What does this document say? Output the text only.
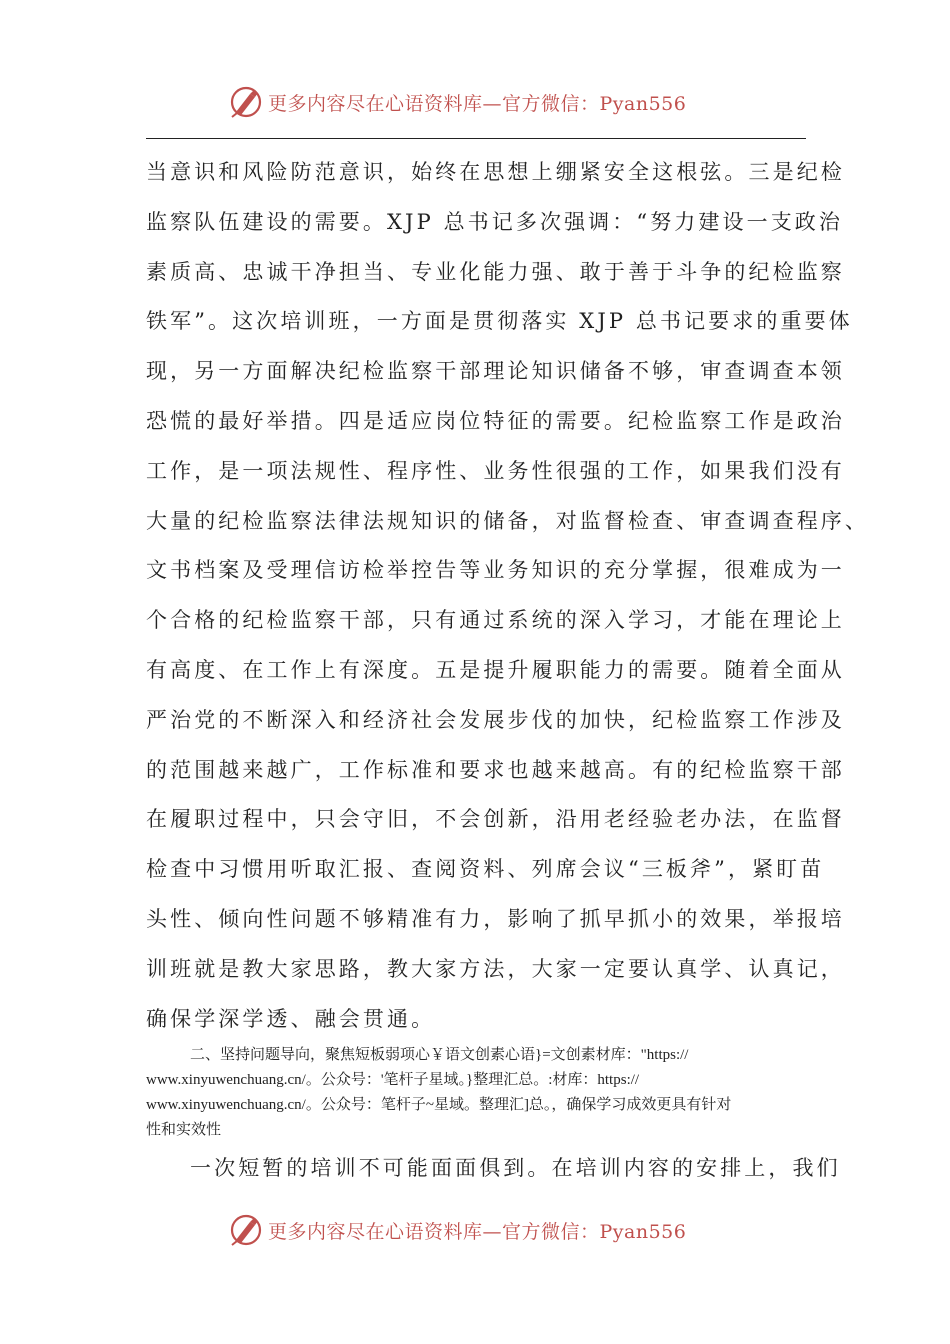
更多内容尽在心语资料库—官方微信：Pyan556
当意识和风险防范意识，始终在思想上绷紧安全这根弦。三是纪检
监察队伍建设的需要。XJP 总书记多次强调：“努力建设一支政治
素质高、忠诚干净担当、专业化能力强、敢于善于斗争的纪检监察
铁军”。这次培训班，一方面是贯彻落实 XJP 总书记要求的重要体
现，另一方面解决纪检监察干部理论知识储备不够，审查调查本领
恐慌的最好举措。四是适应岗位特征的需要。纪检监察工作是政治
工作，是一项法规性、程序性、业务性很强的工作，如果我们没有
大量的纪检监察法律法规知识的储备，对监督检查、审查调查程序、
文书档案及受理信访检举控告等业务知识的充分掌握，很难成为一
个合格的纪检监察干部，只有通过系统的深入学习，才能在理论上
有高度、在工作上有深度。五是提升履职能力的需要。随着全面从
严治党的不断深入和经济社会发展步伐的加快，纪检监察工作涉及
的范围越来越广，工作标准和要求也越来越高。有的纪检监察干部
在履职过程中，只会守旧，不会创新，沿用老经验老办法，在监督
检查中习惯用听取汇报、查阅资料、列席会议“三板斧”，紧盯苗
头性、倾向性问题不够精准有力，影响了抓早抓小的效果，举报培
训班就是教大家思路，教大家方法，大家一定要认真学、认真记，
确保学深学透、融会贯通。
二、坚持问题导向，聚焦短板弱项心￥语文创素心语}=文创素材库："https://
www.xinyuwenchuang.cn/。公众号：'笔杆子星域。}整理汇总。:材库：https://
www.xinyuwenchuang.cn/。公众号：笔杆子~星域。整理汇]总。，确保学习成效更具有针对
性和实效性
一次短暂的培训不可能面面俱到。在培训内容的安排上，我们
更多内容尽在心语资料库—官方微信：Pyan556
